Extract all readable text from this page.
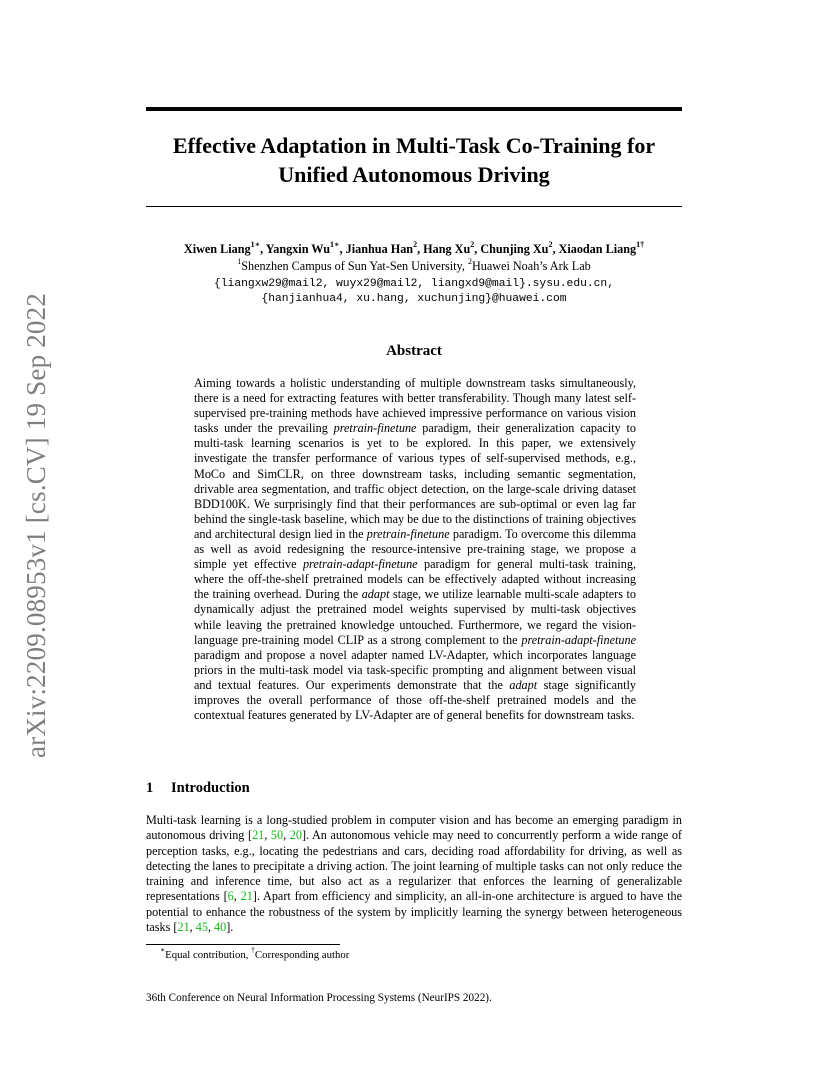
arXiv:2209.08953v1 [cs.CV] 19 Sep 2022
Effective Adaptation in Multi-Task Co-Training for
Unified Autonomous Driving
Xiwen Liang$^{1∗}$, Yangxin $Wu^{1∗}$, Jianhua Han$^2$, Hang Xu$^2$, Chunjing Xu$^2$, Xiaodan Liang$^{1\dagger}$
$^1$Shenzhen Campus of Sun Yat-Sen University, $^2$Huawei Noah’s Ark Lab
{liangxw29@mail2, wuyx29@mail2, liangxd9@mail}.sysu.edu.cn,
{hanjianhua4, xu.hang, xuchunjing}@huawei.com
Abstract

Aiming towards a holistic understanding of multiple downstream tasks simultaneously, there is a need for extracting features with better transferability. Though many latest self-supervised pre-training methods have achieved impressive performance on various vision tasks under the prevailing pretrain-finetune paradigm, their generalization capacity to multi-task learning scenarios is yet to be explored. In this paper, we extensively investigate the transfer performance of various types of self-supervised methods, e.g., MoCo and SimCLR, on three downstream tasks, including semantic segmentation, drivable area segmentation, and traffic object detection, on the large-scale driving dataset BDD100K. We surprisingly find that their performances are sub-optimal or even lag far behind the single-task baseline, which may be due to the distinctions of training objectives and architectural design lied in the pretrain-finetune paradigm. To overcome this dilemma as well as avoid redesigning the resource-intensive pre-training stage, we propose a simple yet effective pretrain-adapt-finetune paradigm for general multi-task training, where the off-the-shelf pretrained models can be effectively adapted without increasing the training overhead. During the adapt stage, we utilize learnable multi-scale adapters to dynamically adjust the pretrained model weights supervised by multi-task objectives while leaving the pretrained knowledge untouched. Furthermore, we regard the vision-language pre-training model CLIP as a strong complement to the pretrain-adapt-finetune paradigm and propose a novel adapter named LV-Adapter, which incorporates language priors in the multi-task model via task-specific prompting and alignment between visual and textual features. Our experiments demonstrate that the adapt stage significantly improves the overall performance of those off-the-shelf pretrained models and the contextual features generated by LV-Adapter are of general benefits for downstream tasks.

1 Introduction

Multi-task learning is a long-studied problem in computer vision and has become an emerging paradigm in autonomous driving [21, 50, 20]. An autonomous vehicle may need to concurrently perform a wide range of perception tasks, e.g., locating the pedestrians and cars, deciding road affordability for driving, as well as detecting the lanes to precipitate a driving action. The joint learning of multiple tasks can not only reduce the training and inference time, but also act as a regularizer that enforces the learning of generalizable representations [6, 21]. Apart from efficiency and simplicity, an all-in-one architecture is argued to have the potential to enhance the robustness of the system by implicitly learning the synergy between heterogeneous tasks [21, 45, 40].

∗Equal contribution, †Corresponding author
36th Conference on Neural Information Processing Systems (NeurIPS 2022).
